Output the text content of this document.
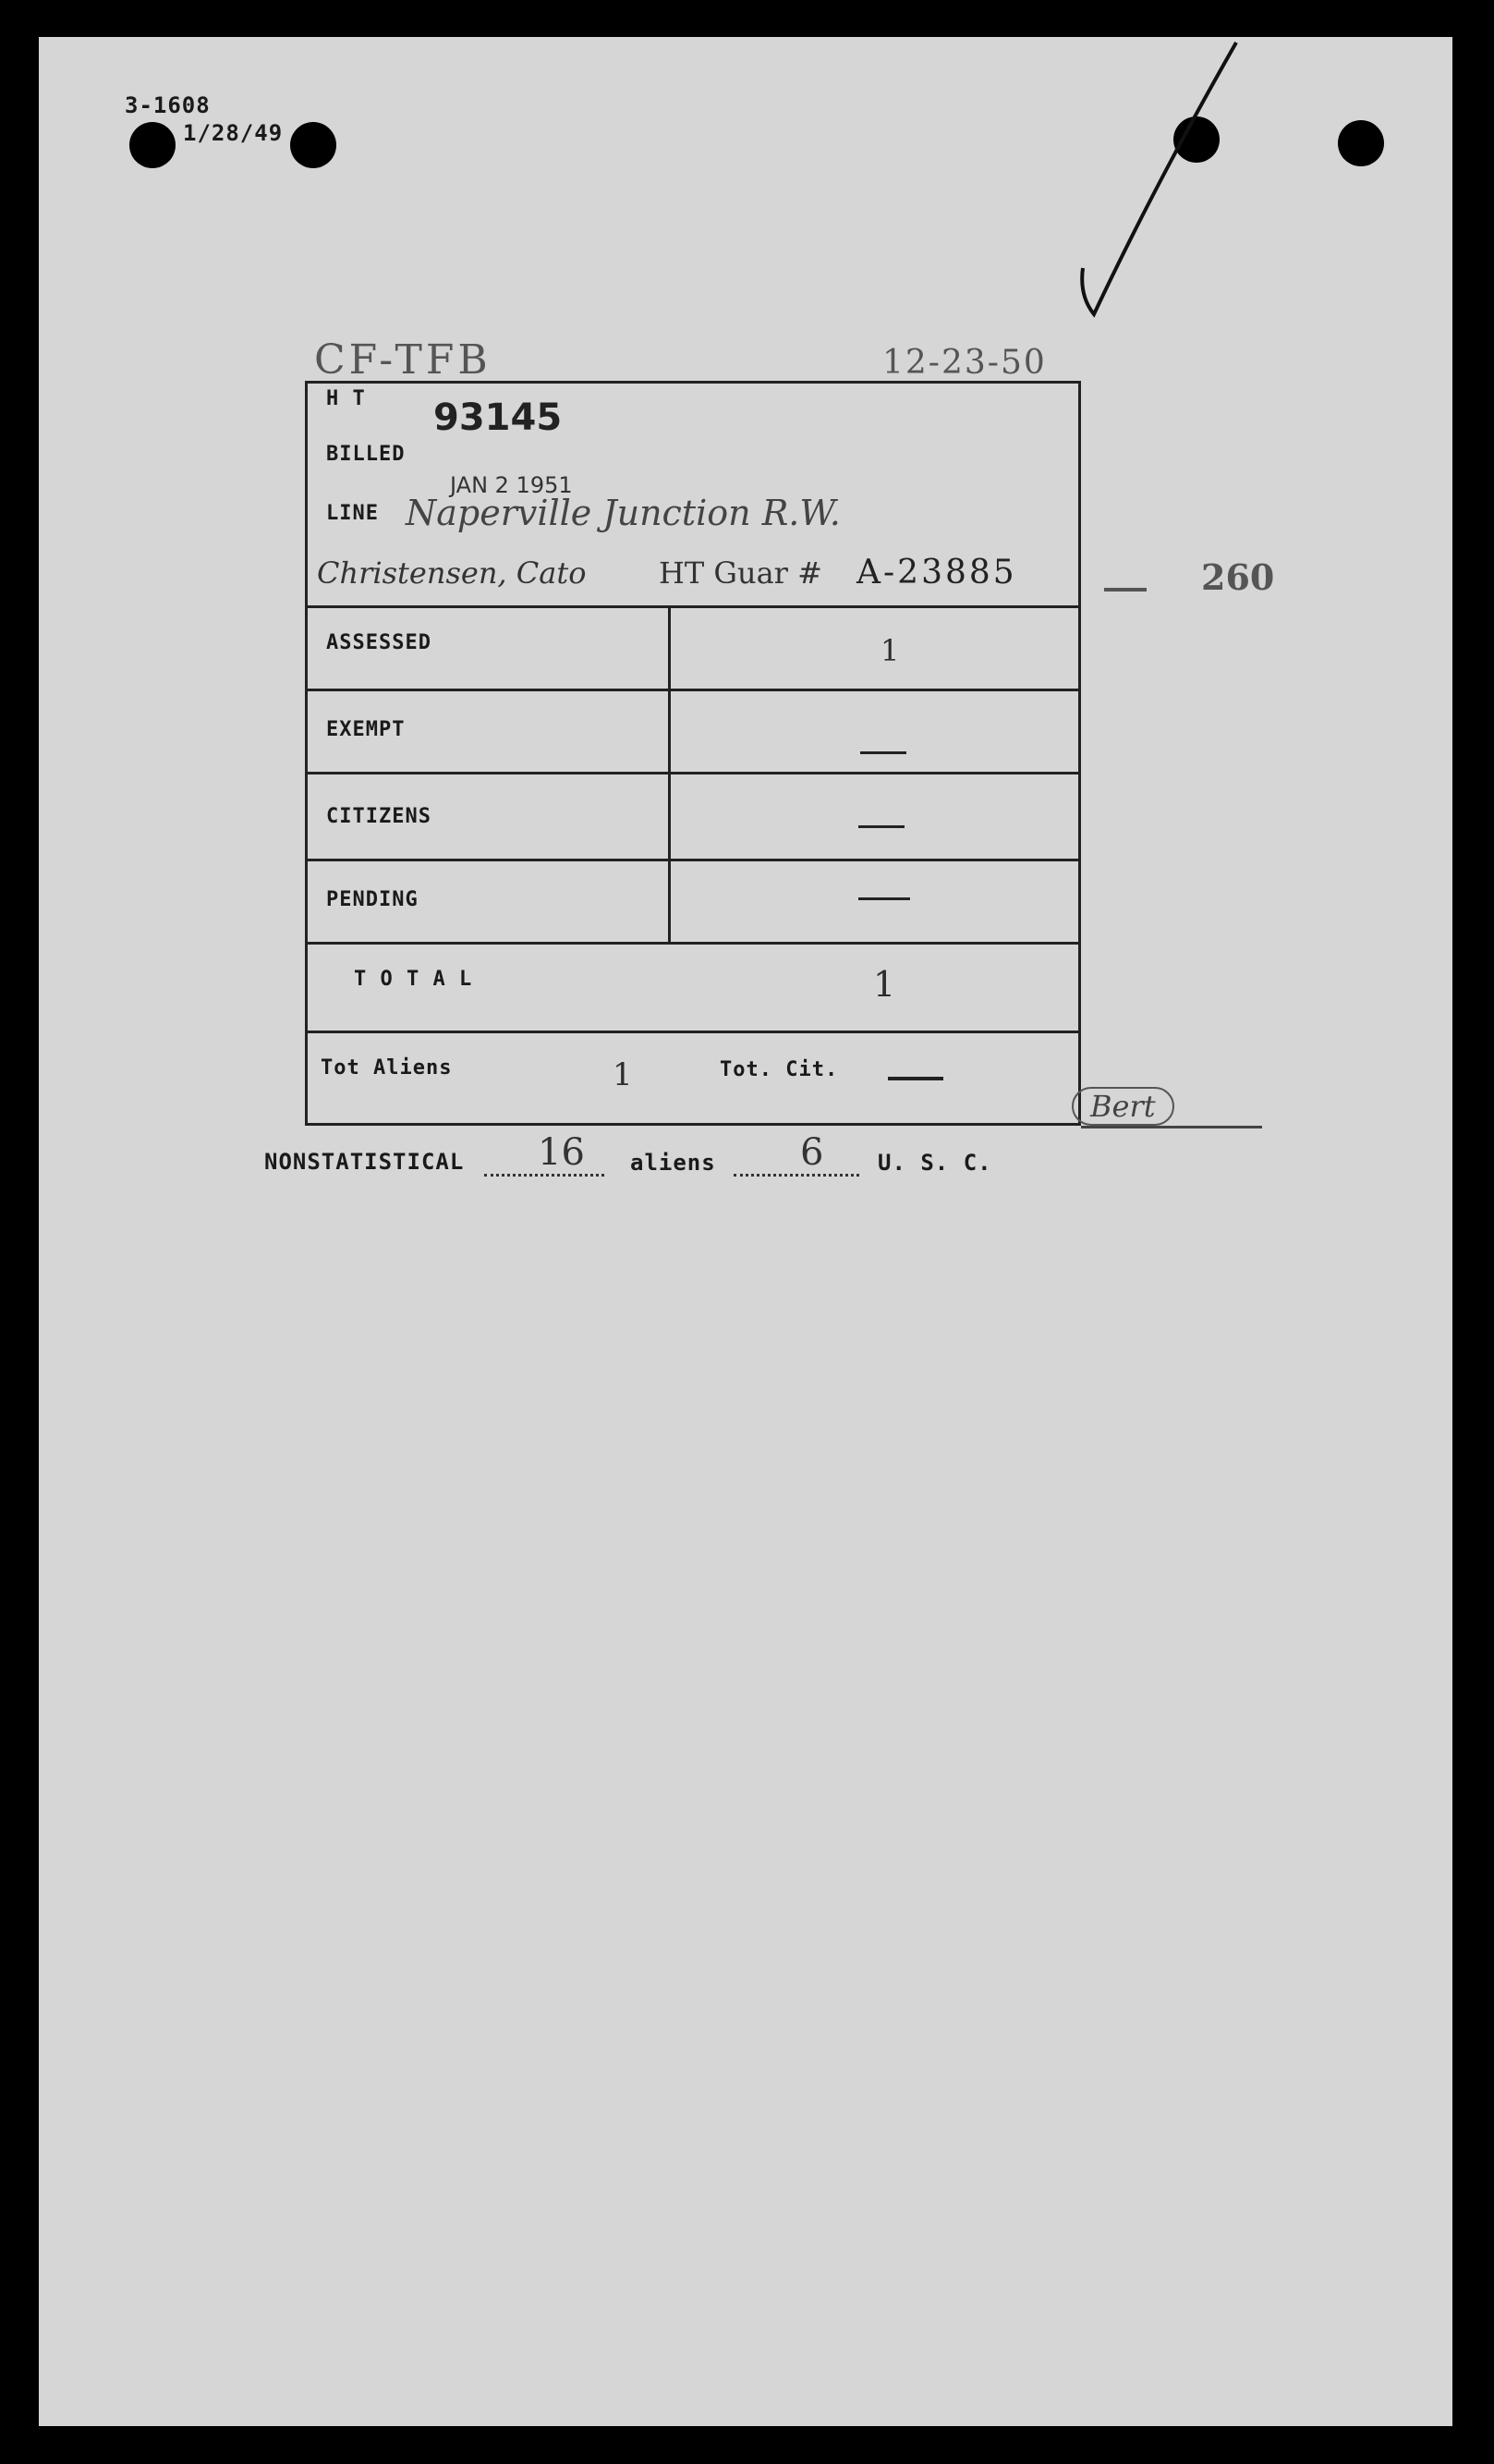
3-1608
1/28/49
CF-TFB	12-23-50
260
H T 93145
BILLED
JAN 2 1951
LINE Naperville Junction R.W.
Christensen, Cato HT Guar # A-23885
ASSESSED	1
EXEMPT
CITIZENS
PENDING
T O T A L	1
Tot Aliens	1	Tot. Cit.
Bert
NONSTATISTICAL 16 aliens 6 U. S. C.
